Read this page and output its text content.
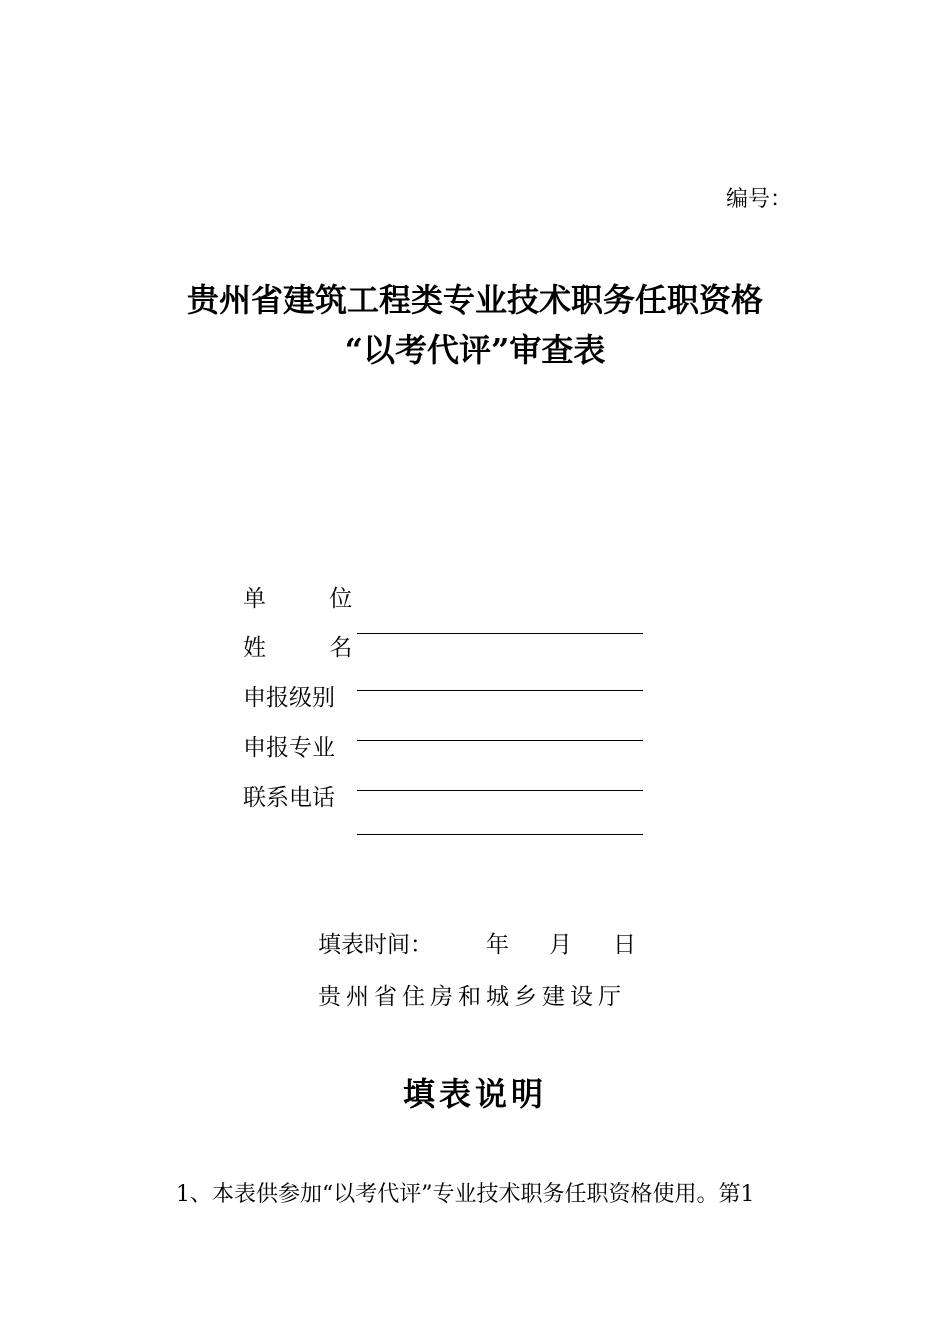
编号：
贵州省建筑工程类专业技术职务任职资格
“以考代评”审查表
单 位
姓 名
申报级别
申报专业
联系电话
填表时间： 年 月 日
贵州省住房和城乡建设厅
填表说明
1、本表供参加“以考代评”专业技术职务任职资格使用。第1
